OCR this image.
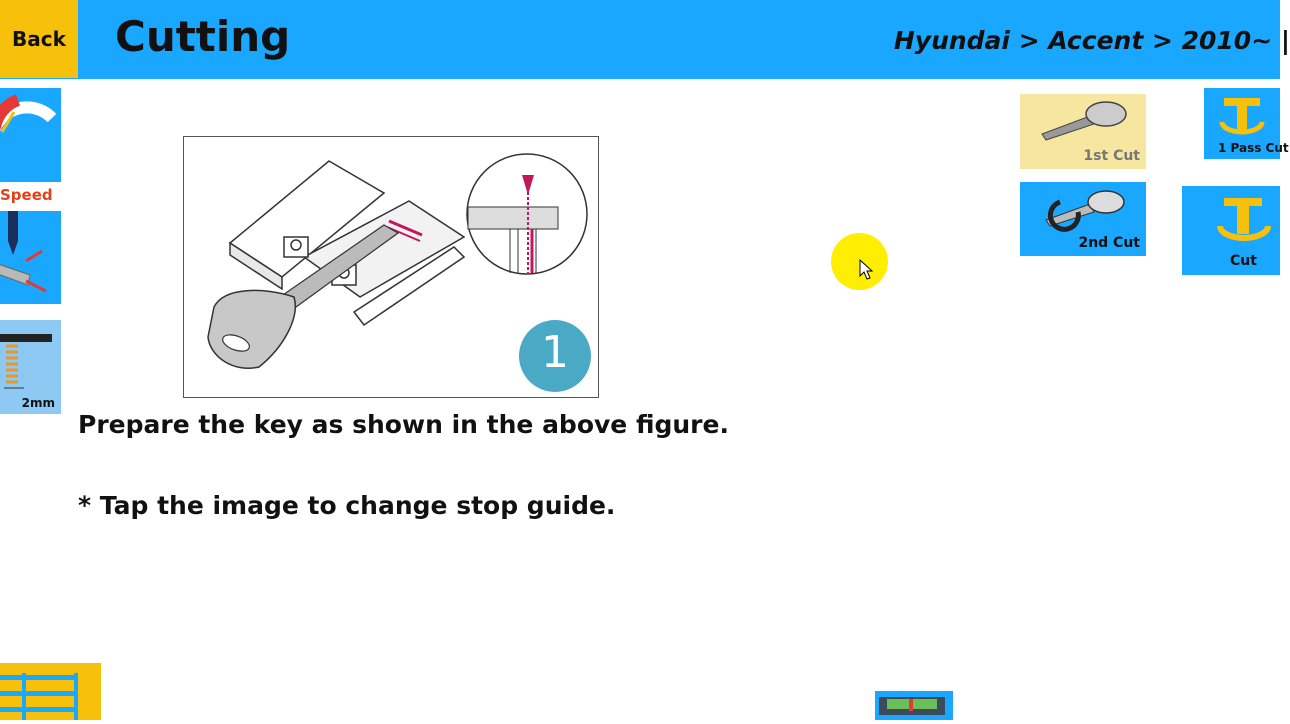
Back Cutting	Hyundai > Accent > 2010~ |
Speed
2mm
1
Prepare the key as shown in the above figure.
* Tap the image to change stop guide.
1st Cut
2nd Cut
1 Pass Cut
Cut
